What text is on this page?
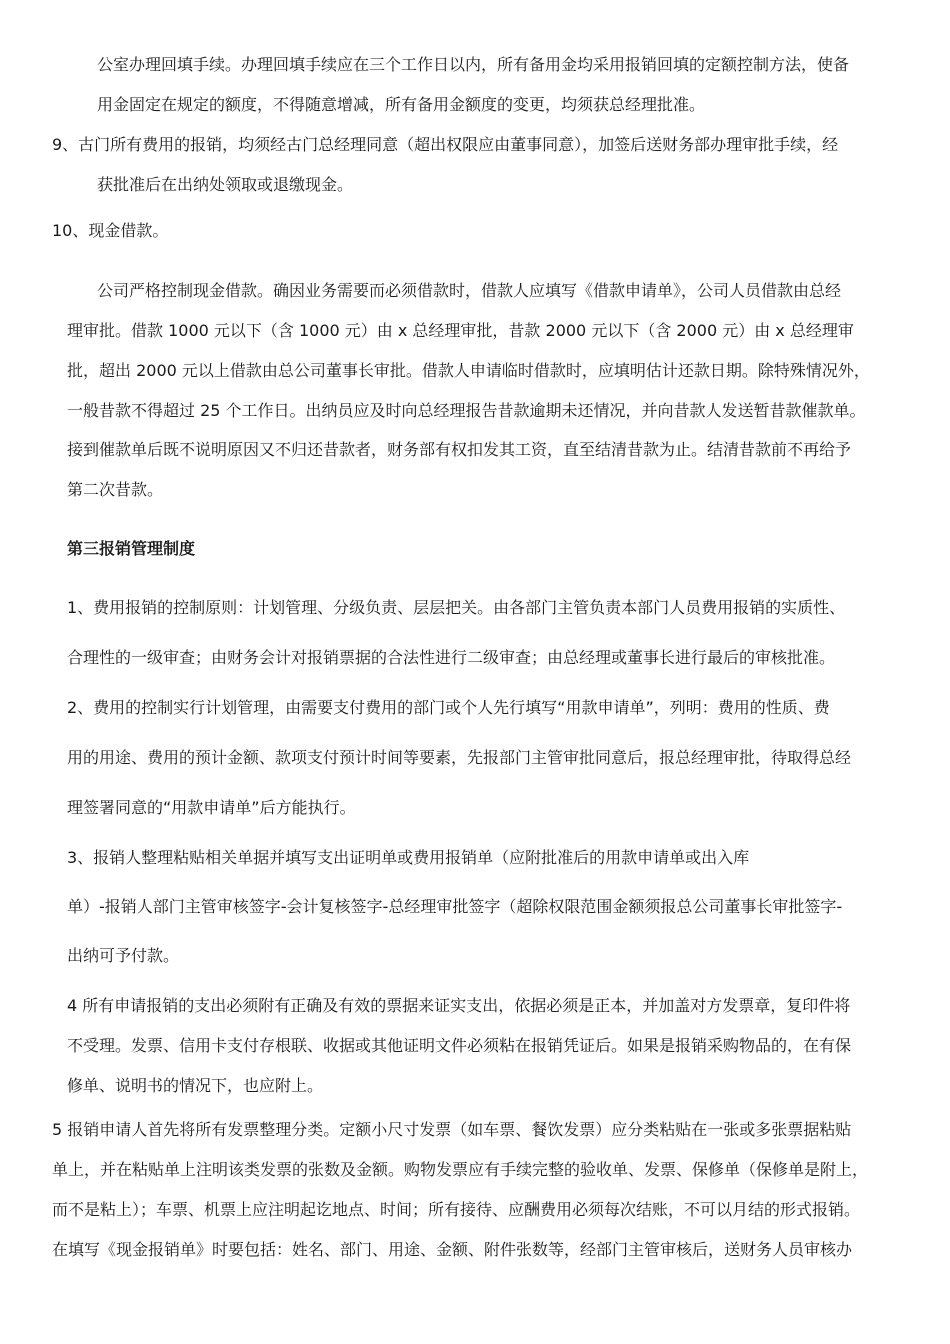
公室办理回填手续。办理回填手续应在三个工作日以内，所有备用金均采用报销回填的定额控制方法，使备
用金固定在规定的额度，不得随意增减，所有备用金额度的变更，均须获总经理批准。
9、古门所有费用的报销，均须经古门总经理同意（超出权限应由董事同意），加签后送财务部办理审批手续，经
获批准后在出纳处领取或退缴现金。
10、现金借款。
公司严格控制现金借款。确因业务需要而必须借款时，借款人应填写《借款申请单》，公司人员借款由总经
理审批。借款 1000 元以下（含 1000 元）由 x 总经理审批，昔款 2000 元以下（含 2000 元）由 x 总经理审
批，超出 2000 元以上借款由总公司董事长审批。借款人申请临时借款时，应填明估计还款日期。除特殊情况外，
一般昔款不得超过 25 个工作日。出纳员应及时向总经理报告昔款逾期未还情况，并向昔款人发送暂昔款催款单。
接到催款单后既不说明原因又不归还昔款者，财务部有权扣发其工资，直至结清昔款为止。结清昔款前不再给予
第二次昔款。
第三报销管理制度
1、费用报销的控制原则：计划管理、分级负责、层层把关。由各部门主管负责本部门人员费用报销的实质性、
合理性的一级审查；由财务会计对报销票据的合法性进行二级审查；由总经理或董事长进行最后的审核批准。
2、费用的控制实行计划管理，由需要支付费用的部门或个人先行填写“用款申请单”，列明：费用的性质、费
用的用途、费用的预计金额、款项支付预计时间等要素，先报部门主管审批同意后，报总经理审批，待取得总经
理签署同意的“用款申请单”后方能执行。
3、报销人整理粘贴相关单据并填写支出证明单或费用报销单（应附批准后的用款申请单或出入库
单）-报销人部门主管审核签字-会计复核签字-总经理审批签字（超除权限范围金额须报总公司董事长审批签字-
出纳可予付款。
4 所有申请报销的支出必须附有正确及有效的票据来证实支出，依据必须是正本，并加盖对方发票章，复印件将
不受理。发票、信用卡支付存根联、收据或其他证明文件必须粘在报销凭证后。如果是报销采购物品的，在有保
修单、说明书的情况下，也应附上。
5 报销申请人首先将所有发票整理分类。定额小尺寸发票（如车票、餐饮发票）应分类粘贴在一张或多张票据粘贴
单上，并在粘贴单上注明该类发票的张数及金额。购物发票应有手续完整的验收单、发票、保修单（保修单是附上，
而不是粘上）；车票、机票上应注明起讫地点、时间；所有接待、应酬费用必须每次结账，不可以月结的形式报销。
在填写《现金报销单》时要包括：姓名、部门、用途、金额、附件张数等，经部门主管审核后，送财务人员审核办
